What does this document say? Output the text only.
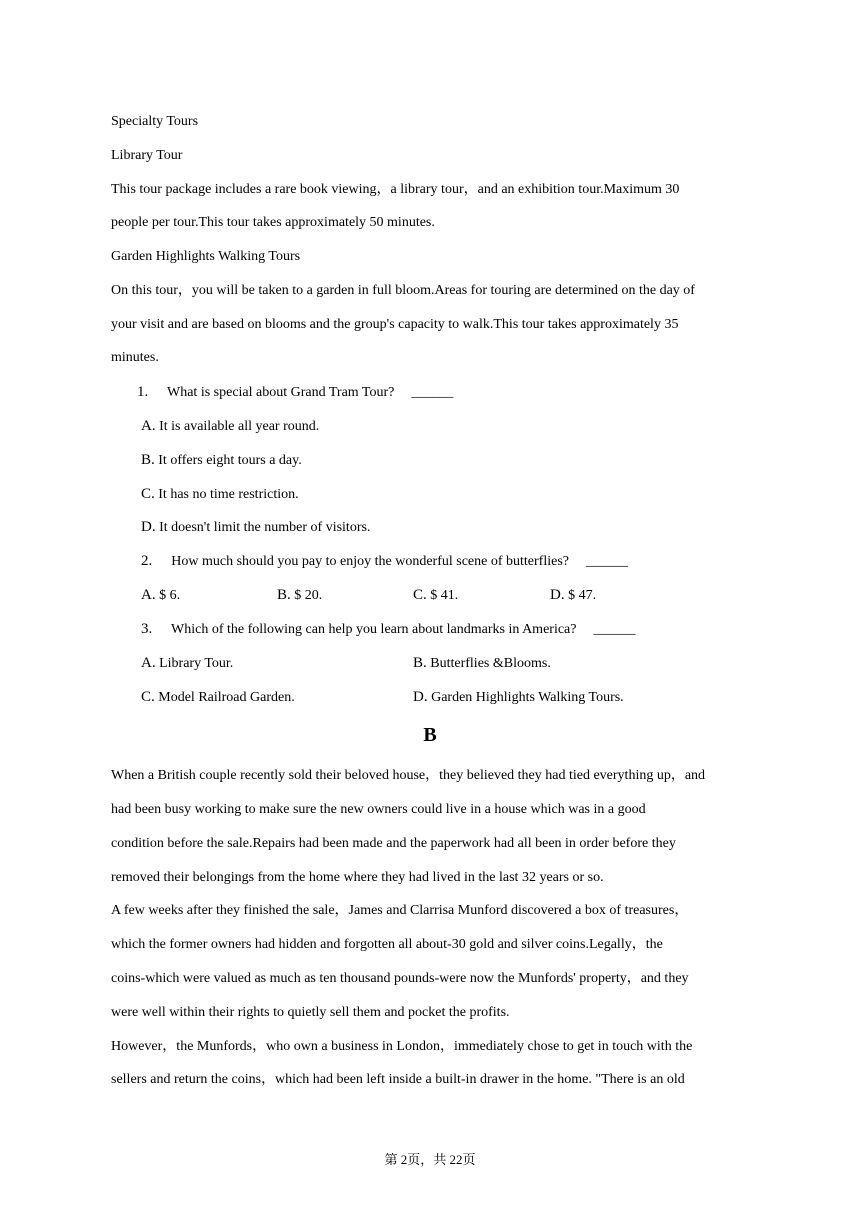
Specialty Tours
Library Tour
This tour package includes a rare book viewing，a library tour，and an exhibition tour.Maximum 30
people per tour.This tour takes approximately 50 minutes.
Garden Highlights Walking Tours
On this tour，you will be taken to a garden in full bloom.Areas for touring are determined on the day of
your visit and are based on blooms and the group's capacity to walk.This tour takes approximately 35
minutes.
1. What is special about Grand Tram Tour? ______
A. It is available all year round.
B. It offers eight tours a day.
C. It has no time restriction.
D. It doesn't limit the number of visitors.
2. How much should you pay to enjoy the wonderful scene of butterflies? ______
A. $ 6.	B. $ 20.	C. $ 41.	D. $ 47.
3. Which of the following can help you learn about landmarks in America? ______
A. Library Tour.	B. Butterflies &Blooms.
C. Model Railroad Garden.	D. Garden Highlights Walking Tours.
B
When a British couple recently sold their beloved house，they believed they had tied everything up，and
had been busy working to make sure the new owners could live in a house which was in a good
condition before the sale.Repairs had been made and the paperwork had all been in order before they
removed their belongings from the home where they had lived in the last 32 years or so.
A few weeks after they finished the sale，James and Clarrisa Munford discovered a box of treasures，
which the former owners had hidden and forgotten all about-30 gold and silver coins.Legally，the
coins-which were valued as much as ten thousand pounds-were now the Munfords' property，and they
were well within their rights to quietly sell them and pocket the profits.
However，the Munfords，who own a business in London，immediately chose to get in touch with the
sellers and return the coins，which had been left inside a built-in drawer in the home. "There is an old
第 2页，共 22页
